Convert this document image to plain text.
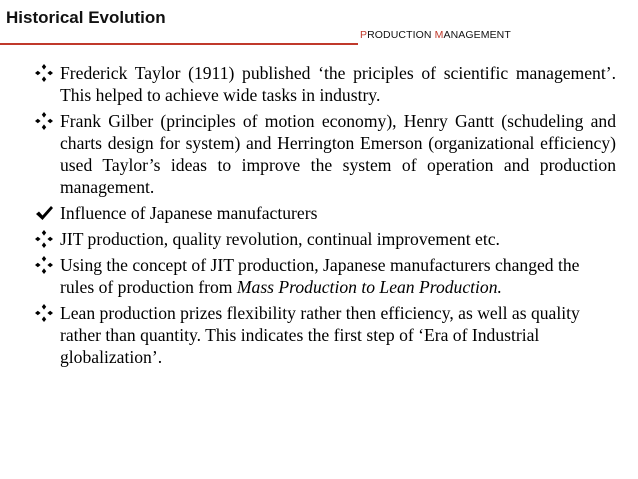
Historical Evolution
PRODUCTION MANAGEMENT
Frederick Taylor (1911) published ‘the priciples of scientific management’. This helped to achieve wide tasks in industry.
Frank Gilber (principles of motion economy), Henry Gantt (schudeling and charts design for system) and Herrington Emerson (organizational efficiency) used Taylor’s ideas to improve the system of operation and production management.
Influence of Japanese manufacturers
JIT production, quality revolution, continual improvement etc.
Using the concept of JIT production, Japanese manufacturers changed the rules of production from Mass Production to Lean Production.
Lean production prizes flexibility rather then efficiency, as well as quality rather than quantity. This indicates the first step of ‘Era of Industrial globalization’.
